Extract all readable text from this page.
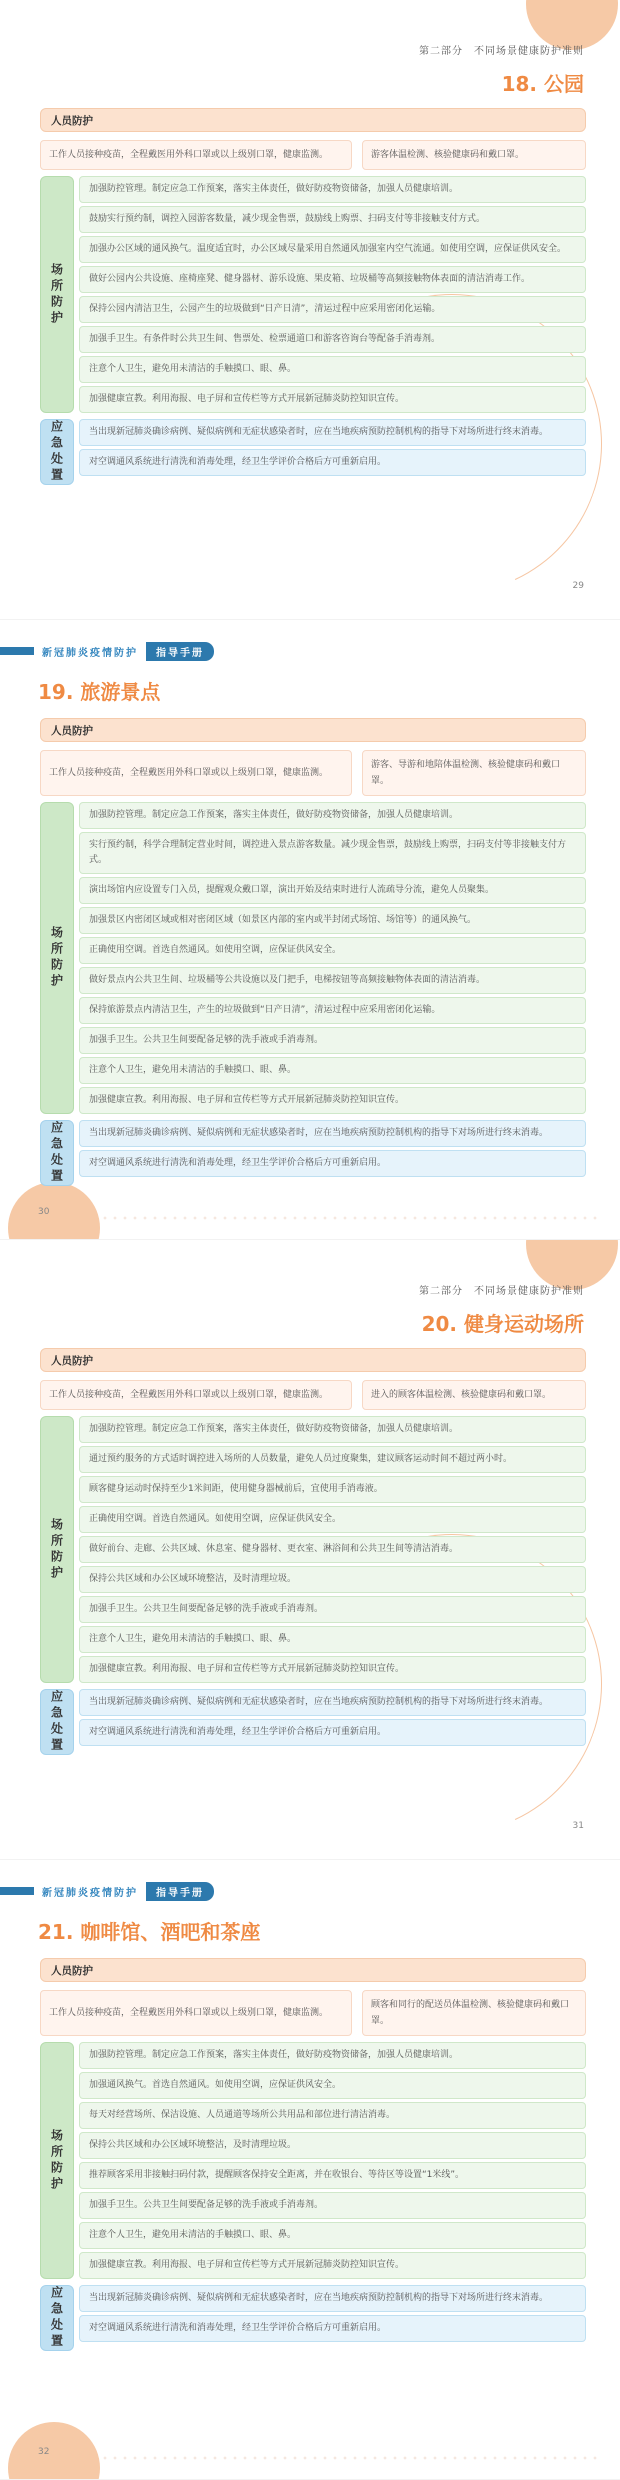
第二部分　不同场景健康防护准则
18. 公园
人员防护
工作人员接种疫苗，全程戴医用外科口罩或以上级别口罩，健康监测。	游客体温检测、核验健康码和戴口罩。
场所防护
加强防控管理。制定应急工作预案，落实主体责任，做好防疫物资储备，加强人员健康培训。
鼓励实行预约制，调控入园游客数量，减少现金售票，鼓励线上购票、扫码支付等非接触支付方式。
加强办公区域的通风换气。温度适宜时，办公区域尽量采用自然通风加强室内空气流通。如使用空调，应保证供风安全。
做好公园内公共设施、座椅座凳、健身器材、游乐设施、果皮箱、垃圾桶等高频接触物体表面的清洁消毒工作。
保持公园内清洁卫生，公园产生的垃圾做到“日产日清”，清运过程中应采用密闭化运输。
加强手卫生。有条件时公共卫生间、售票处、检票通道口和游客咨询台等配备手消毒剂。
注意个人卫生，避免用未清洁的手触摸口、眼、鼻。
加强健康宣教。利用海报、电子屏和宣传栏等方式开展新冠肺炎防控知识宣传。
应急处置	当出现新冠肺炎确诊病例、疑似病例和无症状感染者时，应在当地疾病预防控制机构的指导下对场所进行终末消毒。
对空调通风系统进行清洗和消毒处理，经卫生学评价合格后方可重新启用。
29
新冠肺炎疫情防护	指导手册
19. 旅游景点
人员防护
工作人员接种疫苗，全程戴医用外科口罩或以上级别口罩，健康监测。
游客、导游和地陪体温检测、核验健康码和戴口罩。
场所防护
加强防控管理。制定应急工作预案，落实主体责任，做好防疫物资储备，加强人员健康培训。
实行预约制，科学合理制定营业时间，调控进入景点游客数量。减少现金售票，鼓励线上购票，扫码支付等非接触支付方式。
演出场馆内应设置专门入员，提醒观众戴口罩，演出开始及结束时进行人流疏导分流，避免人员聚集。
加强景区内密闭区域或相对密闭区域（如景区内部的室内或半封闭式场馆、场馆等）的通风换气。
正确使用空调。首选自然通风。如使用空调，应保证供风安全。
做好景点内公共卫生间、垃圾桶等公共设施以及门把手，电梯按钮等高频接触物体表面的清洁消毒。
保持旅游景点内清洁卫生，产生的垃圾做到“日产日清”，清运过程中应采用密闭化运输。
加强手卫生。公共卫生间要配备足够的洗手液或手消毒剂。
注意个人卫生，避免用未清洁的手触摸口、眼、鼻。
加强健康宣教。利用海报、电子屏和宣传栏等方式开展新冠肺炎防控知识宣传。
应急处置	当出现新冠肺炎确诊病例、疑似病例和无症状感染者时，应在当地疾病预防控制机构的指导下对场所进行终末消毒。
对空调通风系统进行清洗和消毒处理，经卫生学评价合格后方可重新启用。
30
第二部分　不同场景健康防护准则
20. 健身运动场所
人员防护
工作人员接种疫苗，全程戴医用外科口罩或以上级别口罩，健康监测。	进入的顾客体温检测、核验健康码和戴口罩。
场所防护
加强防控管理。制定应急工作预案，落实主体责任，做好防疫物资储备，加强人员健康培训。
通过预约服务的方式适时调控进入场所的人员数量，避免人员过度聚集，建议顾客运动时间不超过两小时。
顾客健身运动时保持至少1米间距，使用健身器械前后，宜使用手消毒液。
正确使用空调。首选自然通风。如使用空调，应保证供风安全。
做好前台、走廊、公共区域、休息室、健身器材、更衣室、淋浴间和公共卫生间等清洁消毒。
保持公共区域和办公区域环境整洁，及时清理垃圾。
加强手卫生。公共卫生间要配备足够的洗手液或手消毒剂。
注意个人卫生，避免用未清洁的手触摸口、眼、鼻。
加强健康宣教。利用海报、电子屏和宣传栏等方式开展新冠肺炎防控知识宣传。
应急处置	当出现新冠肺炎确诊病例、疑似病例和无症状感染者时，应在当地疾病预防控制机构的指导下对场所进行终末消毒。
对空调通风系统进行清洗和消毒处理，经卫生学评价合格后方可重新启用。
31
新冠肺炎疫情防护	指导手册
21. 咖啡馆、酒吧和茶座
人员防护
工作人员接种疫苗，全程戴医用外科口罩或以上级别口罩，健康监测。
顾客和同行的配送员体温检测、核验健康码和戴口罩。
场所防护
加强防控管理。制定应急工作预案，落实主体责任，做好防疫物资储备，加强人员健康培训。
加强通风换气。首选自然通风。如使用空调，应保证供风安全。
每天对经营场所、保洁设施、人员通道等场所公共用品和部位进行清洁消毒。
保持公共区域和办公区域环境整洁，及时清理垃圾。
推荐顾客采用非接触扫码付款，提醒顾客保持安全距离，并在收银台、等待区等设置“1米线”。
加强手卫生。公共卫生间要配备足够的洗手液或手消毒剂。
注意个人卫生，避免用未清洁的手触摸口、眼、鼻。
加强健康宣教。利用海报、电子屏和宣传栏等方式开展新冠肺炎防控知识宣传。
应急处置	当出现新冠肺炎确诊病例、疑似病例和无症状感染者时，应在当地疾病预防控制机构的指导下对场所进行终末消毒。
对空调通风系统进行清洗和消毒处理，经卫生学评价合格后方可重新启用。
32
